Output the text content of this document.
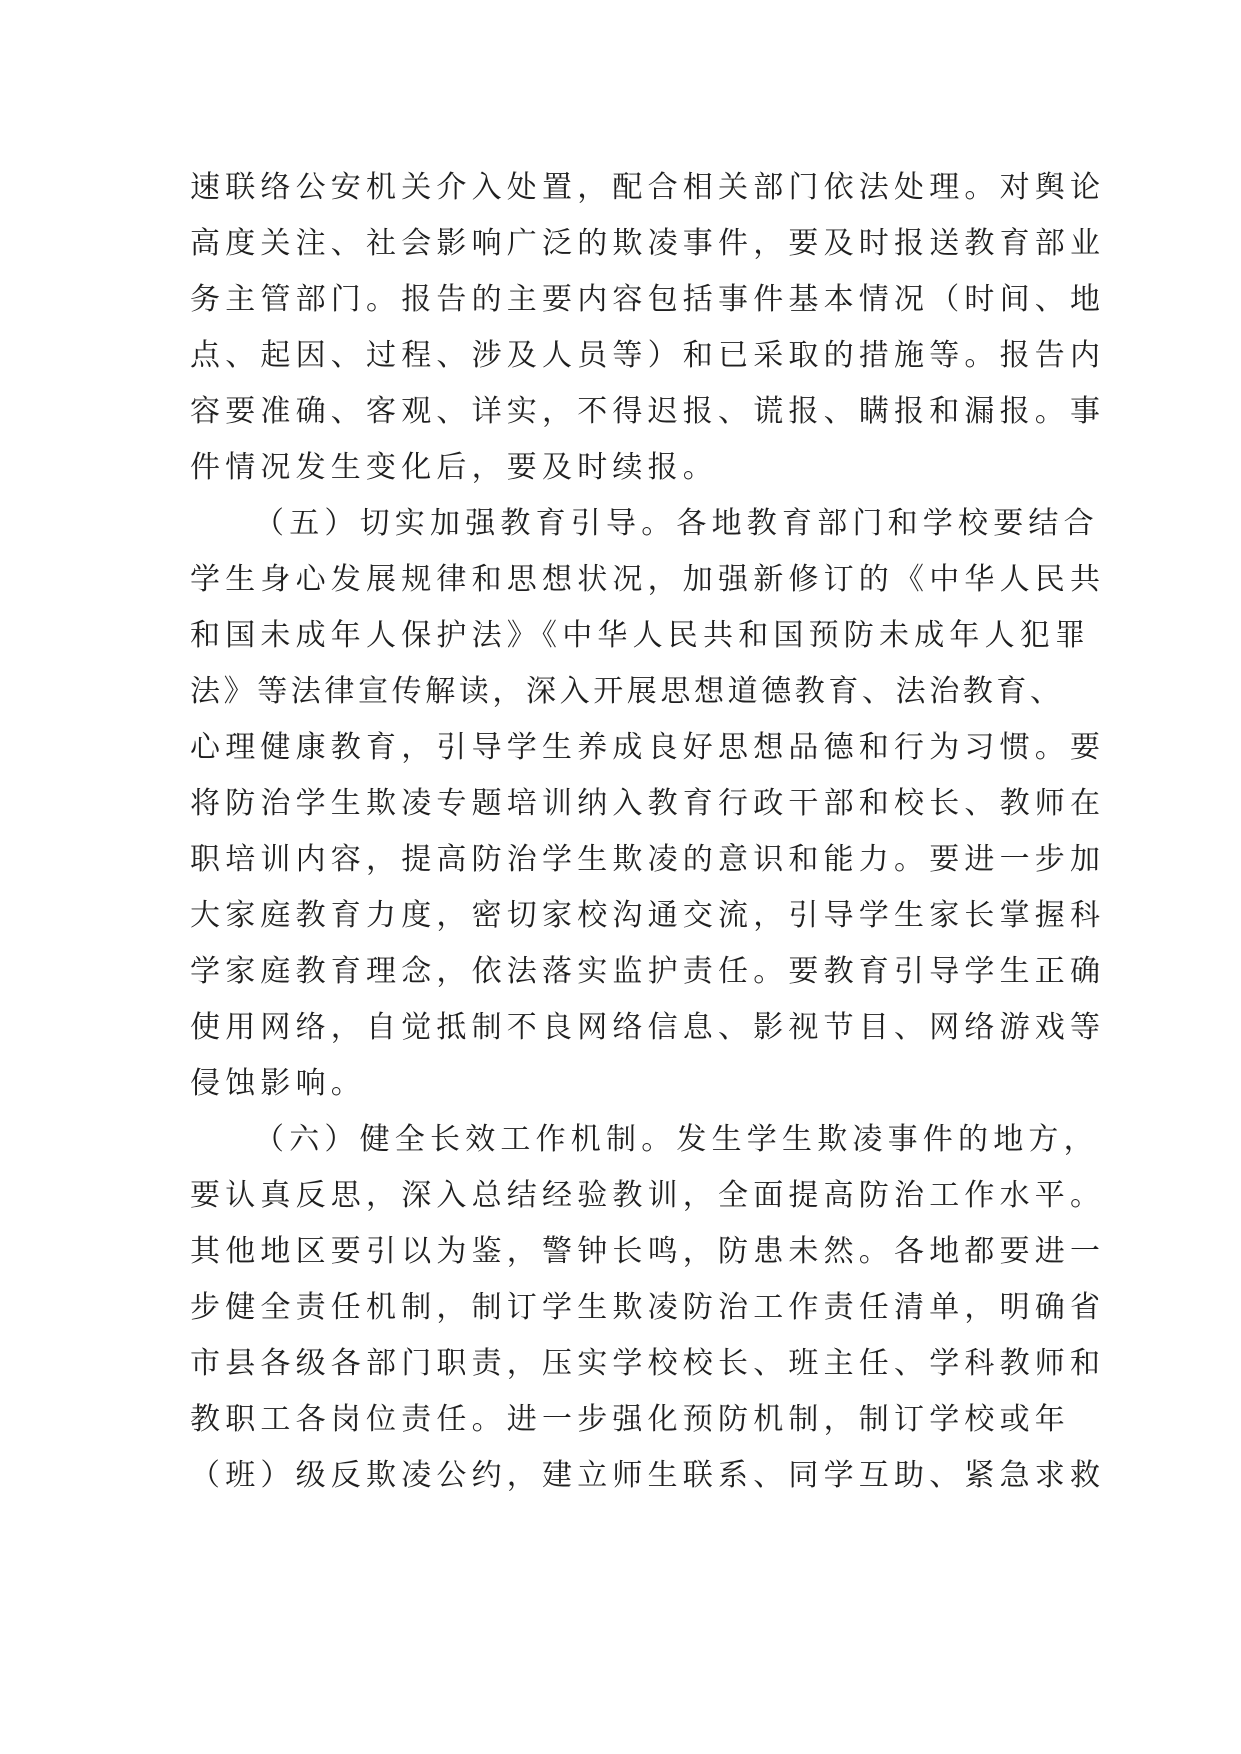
速联络公安机关介入处置，配合相关部门依法处理。对舆论
高度关注、社会影响广泛的欺凌事件，要及时报送教育部业
务主管部门。报告的主要内容包括事件基本情况（时间、地
点、起因、过程、涉及人员等）和已采取的措施等。报告内
容要准确、客观、详实，不得迟报、谎报、瞒报和漏报。事
件情况发生变化后，要及时续报。
（五）切实加强教育引导。各地教育部门和学校要结合
学生身心发展规律和思想状况，加强新修订的《中华人民共
和国未成年人保护法》《中华人民共和国预防未成年人犯罪
法》等法律宣传解读，深入开展思想道德教育、法治教育、
心理健康教育，引导学生养成良好思想品德和行为习惯。要
将防治学生欺凌专题培训纳入教育行政干部和校长、教师在
职培训内容，提高防治学生欺凌的意识和能力。要进一步加
大家庭教育力度，密切家校沟通交流，引导学生家长掌握科
学家庭教育理念，依法落实监护责任。要教育引导学生正确
使用网络，自觉抵制不良网络信息、影视节目、网络游戏等
侵蚀影响。
（六）健全长效工作机制。发生学生欺凌事件的地方，
要认真反思，深入总结经验教训，全面提高防治工作水平。
其他地区要引以为鉴，警钟长鸣，防患未然。各地都要进一
步健全责任机制，制订学生欺凌防治工作责任清单，明确省
市县各级各部门职责，压实学校校长、班主任、学科教师和
教职工各岗位责任。进一步强化预防机制，制订学校或年
（班）级反欺凌公约，建立师生联系、同学互助、紧急求救
